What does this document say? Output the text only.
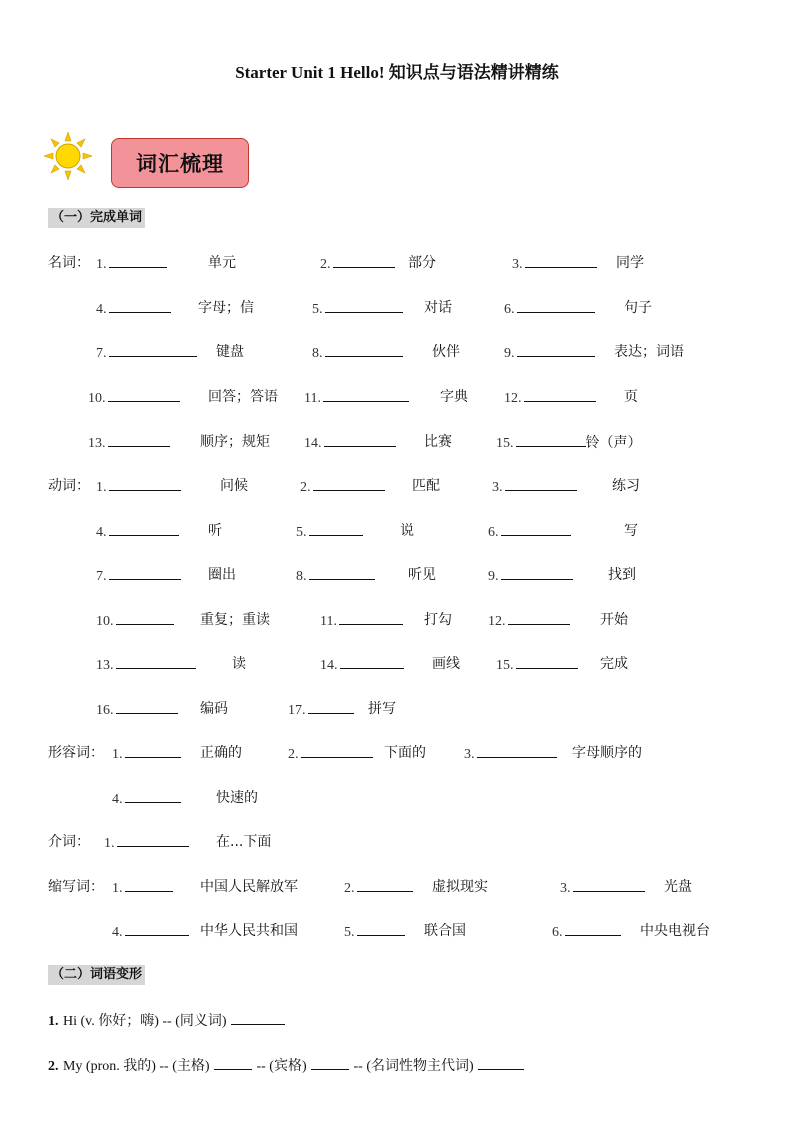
Starter Unit 1 Hello! 知识点与语法精讲精练
词汇梳理
（一）完成单词
名词： 1.	单元	2.	部分	3.	同学
4.	字母；信	5.	对话	6.	句子
7.	键盘	8.	伙伴	9.	表达；词语
10.	回答；答语 11.	字典	12.	页
13.	顺序；规矩 14.	比赛	15.	铃（声）
动词： 1.	问候	2.	匹配	3.	练习
4.	听	5.	说	6.	写
7.	圈出	8.	听见	9.	找到
10.	重复；重读	11.	打勾	12.	开始
13.	读	14.	画线	15.	完成
16.	编码	17.	拼写
形容词： 1.	正确的	2.	下面的	3.	字母顺序的
4.	快速的
介词： 1.	在...下面
缩写词： 1.	中国人民解放军	2.	虚拟现实	3.	光盘
4.	中华人民共和国	5.	联合国	6.	中央电视台
（二）词语变形
1. Hi (v. 你好；嗨) -- (同义词)
2. My (pron. 我的) -- (主格)	-- (宾格)	-- (名词性物主代词)
